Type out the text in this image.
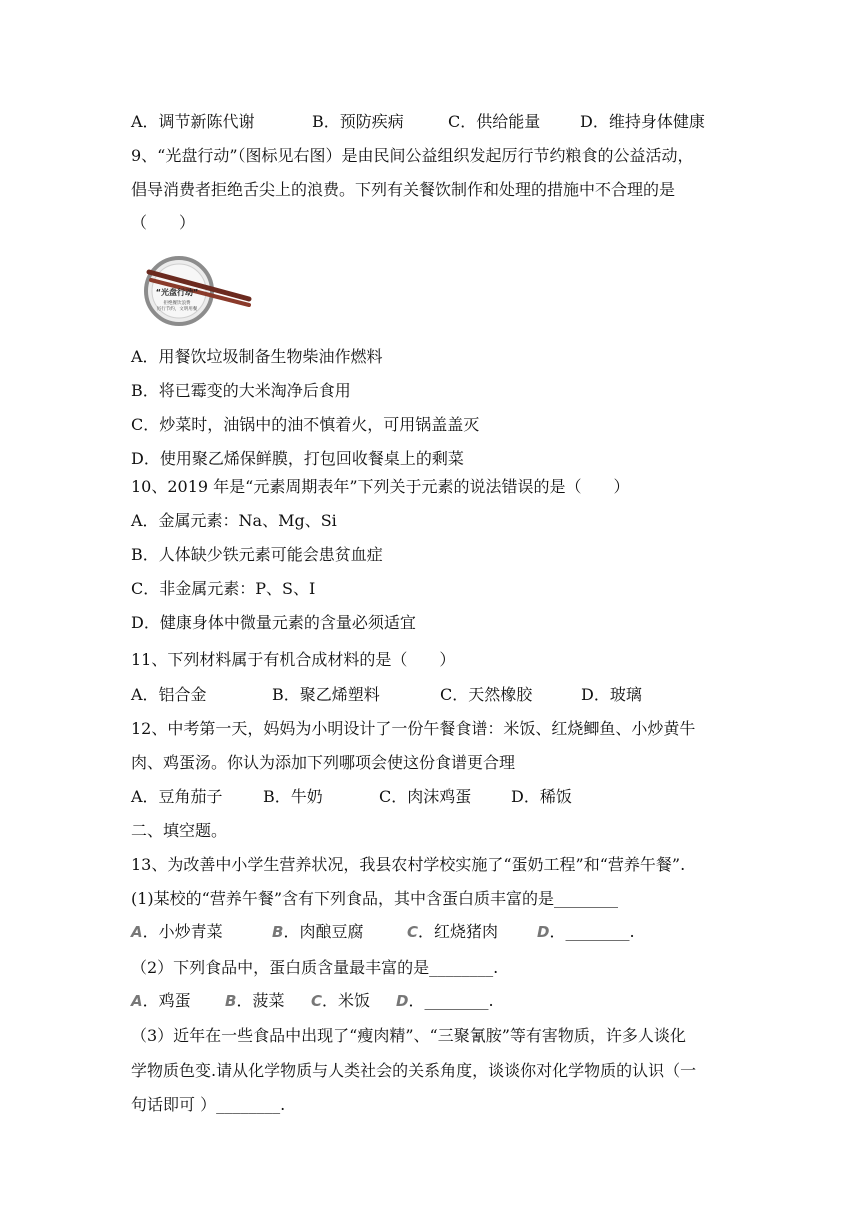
A．调节新陈代谢	B．预防疾病	C．供给能量 D．维持身体健康
9、“光盘行动”（图标见右图）是由民间公益组织发起厉行节约粮食的公益活动，
倡导消费者拒绝舌尖上的浪费。下列有关餐饮制作和处理的措施中不合理的是
（　　）
“光盘行动”
拒绝餐饮浪费
厉行节约，文明用餐
A．用餐饮垃圾制备生物柴油作燃料
B．将已霉变的大米淘净后食用
C．炒菜时，油锅中的油不慎着火，可用锅盖盖灭
D．使用聚乙烯保鲜膜，打包回收餐桌上的剩菜
10、2019 年是“元素周期表年”下列关于元素的说法错误的是（　　）
A．金属元素：Na、Mg、Si
B．人体缺少铁元素可能会患贫血症
C．非金属元素：P、S、I
D．健康身体中微量元素的含量必须适宜
11、下列材料属于有机合成材料的是（　　）
A．铝合金	B．聚乙烯塑料	C．天然橡胶	D．玻璃
12、中考第一天，妈妈为小明设计了一份午餐食谱：米饭、红烧鲫鱼、小炒黄牛
肉、鸡蛋汤。你认为添加下列哪项会使这份食谱更合理
A．豆角茄子	B．牛奶	C．肉沫鸡蛋 D．稀饭
二、填空题。
13、为改善中小学生营养状况，我县农村学校实施了“蛋奶工程”和“营养午餐”.
(1)某校的“营养午餐”含有下列食品，其中含蛋白质丰富的是________
A．小炒青菜	B．肉酿豆腐	C．红烧猪肉	D．________.
（2）下列食品中，蛋白质含量最丰富的是________.
A．鸡蛋 B．菠菜 C．米饭 D．________.
（3）近年在一些食品中出现了“瘦肉精”、“三聚氰胺”等有害物质，许多人谈化
学物质色变.请从化学物质与人类社会的关系角度，谈谈你对化学物质的认识（一
句话即可 ）________.
